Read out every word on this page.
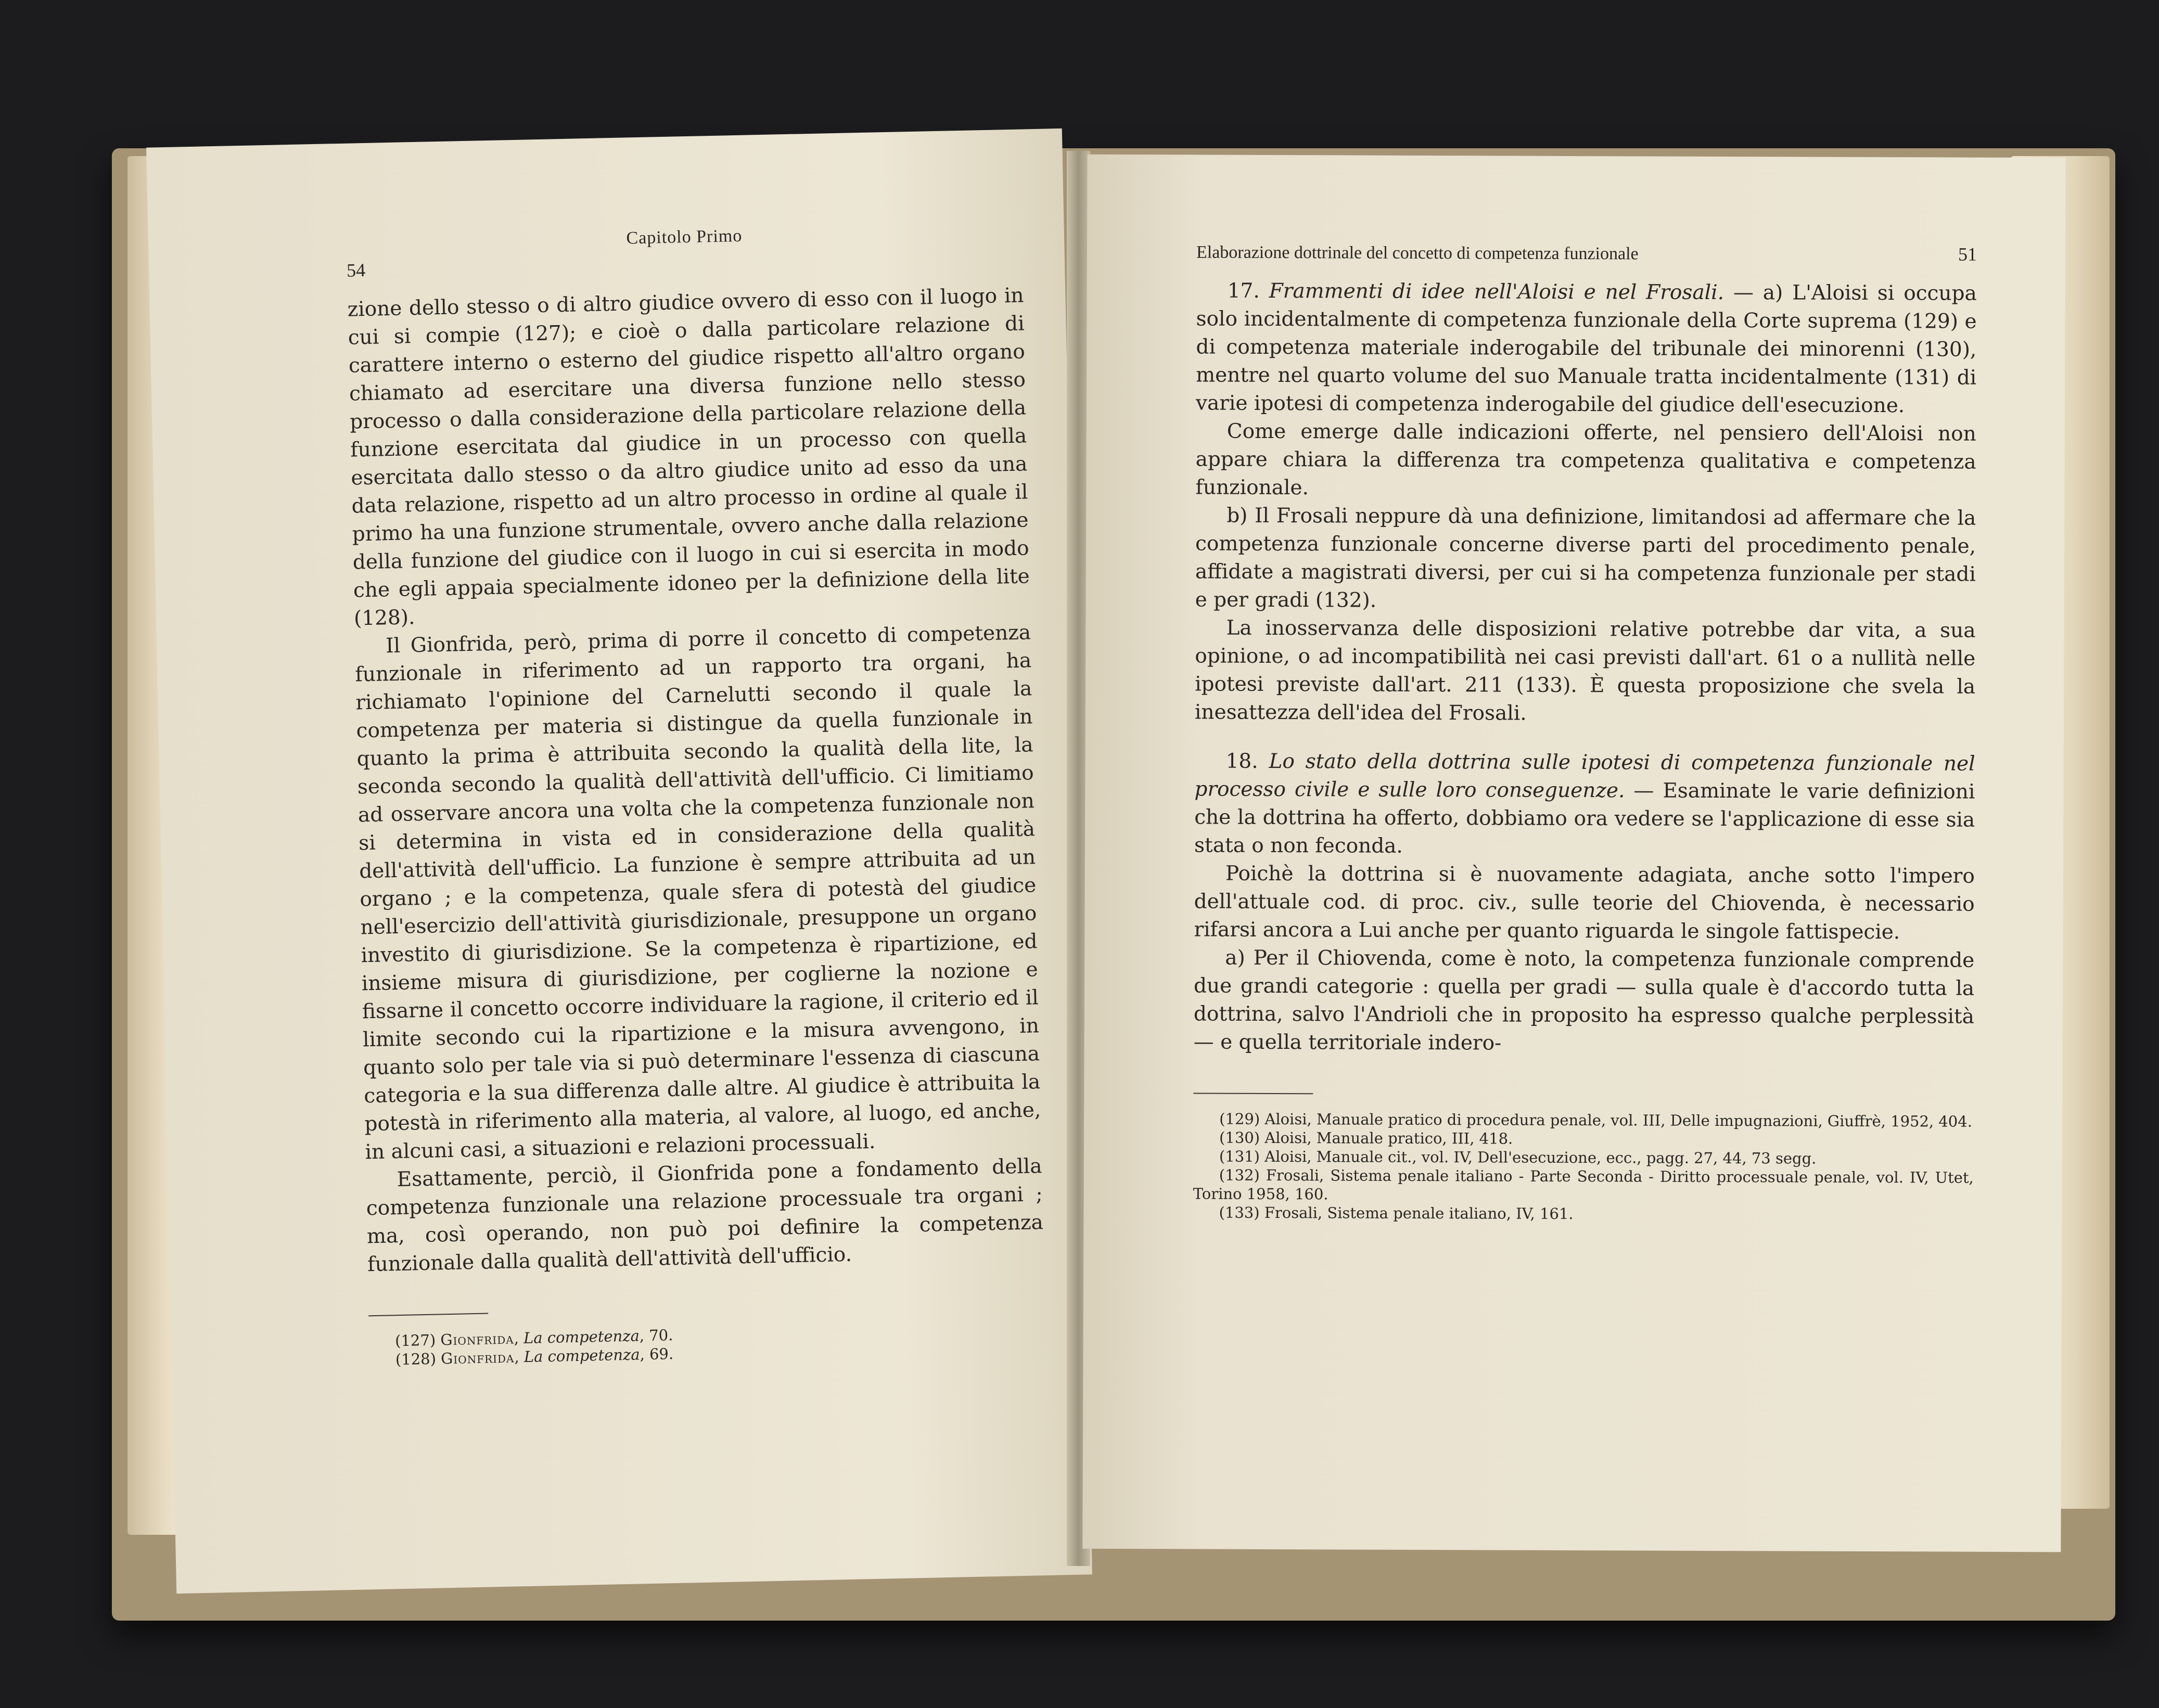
Capitolo Primo
54

zione dello stesso o di altro giudice ovvero di esso con il luogo in cui si compie (127); e cioè o dalla particolare relazione di carattere interno o esterno del giudice rispetto all'altro organo chiamato ad esercitare una diversa funzione nello stesso processo o dalla considerazione della particolare relazione della funzione esercitata dal giudice in un processo con quella esercitata dallo stesso o da altro giudice unito ad esso da una data relazione, rispetto ad un altro processo in ordine al quale il primo ha una funzione strumentale, ovvero anche dalla relazione della funzione del giudice con il luogo in cui si esercita in modo che egli appaia specialmente idoneo per la definizione della lite (128).

Il Gionfrida, però, prima di porre il concetto di competenza funzionale in riferimento ad un rapporto tra organi, ha richiamato l'opinione del Carnelutti secondo il quale la competenza per materia si distingue da quella funzionale in quanto la prima è attribuita secondo la qualità della lite, la seconda secondo la qualità dell'attività dell'ufficio. Ci limitiamo ad osservare ancora una volta che la competenza funzionale non si determina in vista ed in considerazione della qualità dell'attività dell'ufficio. La funzione è sempre attribuita ad un organo ; e la competenza, quale sfera di potestà del giudice nell'esercizio dell'attività giurisdizionale, presuppone un organo investito di giurisdizione. Se la competenza è ripartizione, ed insieme misura di giurisdizione, per coglierne la nozione e fissarne il concetto occorre individuare la ragione, il criterio ed il limite secondo cui la ripartizione e la misura avvengono, in quanto solo per tale via si può determinare l'essenza di ciascuna categoria e la sua differenza dalle altre. Al giudice è attribuita la potestà in riferimento alla materia, al valore, al luogo, ed anche, in alcuni casi, a situazioni e relazioni processuali.

Esattamente, perciò, il Gionfrida pone a fondamento della competenza funzionale una relazione processuale tra organi ; ma, così operando, non può poi definire la competenza funzionale dalla qualità dell'attività dell'ufficio.

(127) Gionfrida, La competenza, 70.

(128) Gionfrida, La competenza, 69.

Elaborazione dottrinale del concetto di competenza funzionale	51

17. Frammenti di idee nell'Aloisi e nel Frosali. — a) L'Aloisi si occupa solo incidentalmente di competenza funzionale della Corte suprema (129) e di competenza materiale inderogabile del tribunale dei minorenni (130), mentre nel quarto volume del suo Manuale tratta incidentalmente (131) di varie ipotesi di competenza inderogabile del giudice dell'esecuzione.

Come emerge dalle indicazioni offerte, nel pensiero dell'Aloisi non appare chiara la differenza tra competenza qualitativa e competenza funzionale.

b) Il Frosali neppure dà una definizione, limitandosi ad affermare che la competenza funzionale concerne diverse parti del procedimento penale, affidate a magistrati diversi, per cui si ha competenza funzionale per stadi e per gradi (132).

La inosservanza delle disposizioni relative potrebbe dar vita, a sua opinione, o ad incompatibilità nei casi previsti dall'art. 61 o a nullità nelle ipotesi previste dall'art. 211 (133). È questa proposizione che svela la inesattezza dell'idea del Frosali.

18. Lo stato della dottrina sulle ipotesi di competenza funzionale nel processo civile e sulle loro conseguenze. — Esaminate le varie definizioni che la dottrina ha offerto, dobbiamo ora vedere se l'applicazione di esse sia stata o non feconda.

Poichè la dottrina si è nuovamente adagiata, anche sotto l'impero dell'attuale cod. di proc. civ., sulle teorie del Chiovenda, è necessario rifarsi ancora a Lui anche per quanto riguarda le singole fattispecie.

a) Per il Chiovenda, come è noto, la competenza funzionale comprende due grandi categorie : quella per gradi — sulla quale è d'accordo tutta la dottrina, salvo l'Andrioli che in proposito ha espresso qualche perplessità — e quella territoriale indero-

(129) Aloisi, Manuale pratico di procedura penale, vol. III, Delle impugnazioni, Giuffrè, 1952, 404.

(130) Aloisi, Manuale pratico, III, 418.

(131) Aloisi, Manuale cit., vol. IV, Dell'esecuzione, ecc., pagg. 27, 44, 73 segg.

(132) Frosali, Sistema penale italiano - Parte Seconda - Diritto processuale penale, vol. IV, Utet, Torino 1958, 160.

(133) Frosali, Sistema penale italiano, IV, 161.
